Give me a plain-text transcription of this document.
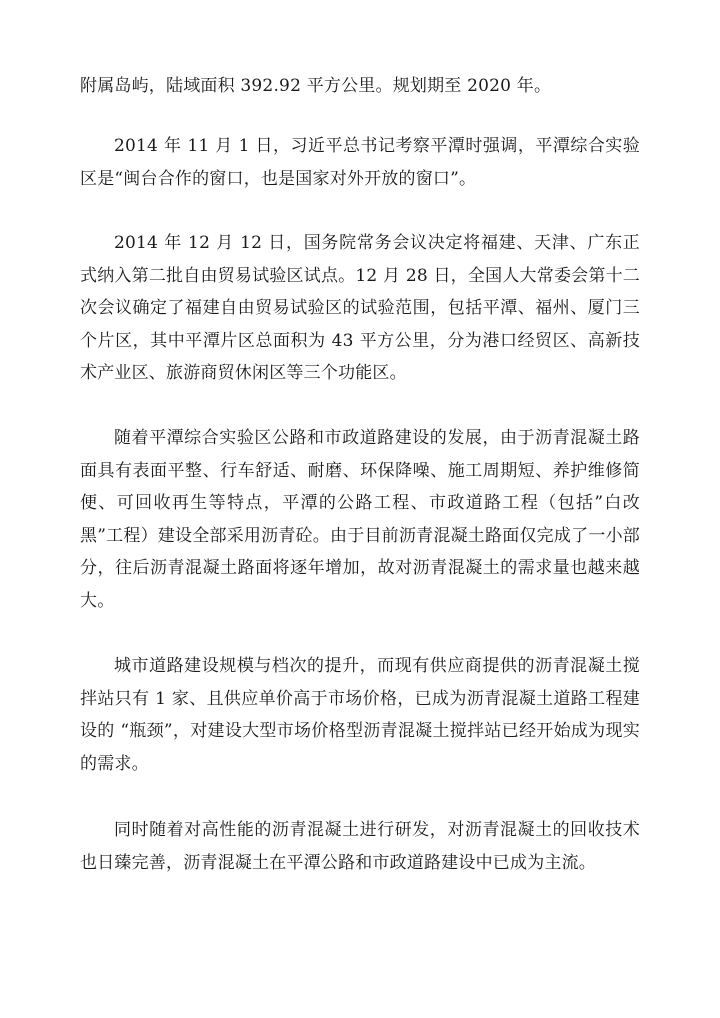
附属岛屿，陆域面积 392.92 平方公里。规划期至 2020 年。

2014 年 11 月 1 日，习近平总书记考察平潭时强调，平潭综合实验区是“闽台合作的窗口，也是国家对外开放的窗口”。

2014 年 12 月 12 日，国务院常务会议决定将福建、天津、广东正式纳入第二批自由贸易试验区试点。12 月 28 日，全国人大常委会第十二次会议确定了福建自由贸易试验区的试验范围，包括平潭、福州、厦门三个片区，其中平潭片区总面积为 43 平方公里，分为港口经贸区、高新技术产业区、旅游商贸休闲区等三个功能区。

随着平潭综合实验区公路和市政道路建设的发展，由于沥青混凝土路面具有表面平整、行车舒适、耐磨、环保降噪、施工周期短、养护维修简便、可回收再生等特点，平潭的公路工程、市政道路工程（包括”白改黑”工程）建设全部采用沥青砼。由于目前沥青混凝土路面仅完成了一小部分，往后沥青混凝土路面将逐年增加，故对沥青混凝土的需求量也越来越大。

城市道路建设规模与档次的提升，而现有供应商提供的沥青混凝土搅拌站只有 1 家、且供应单价高于市场价格，已成为沥青混凝土道路工程建设的 “瓶颈”，对建设大型市场价格型沥青混凝土搅拌站已经开始成为现实的需求。

同时随着对高性能的沥青混凝土进行研发，对沥青混凝土的回收技术也日臻完善，沥青混凝土在平潭公路和市政道路建设中已成为主流。
